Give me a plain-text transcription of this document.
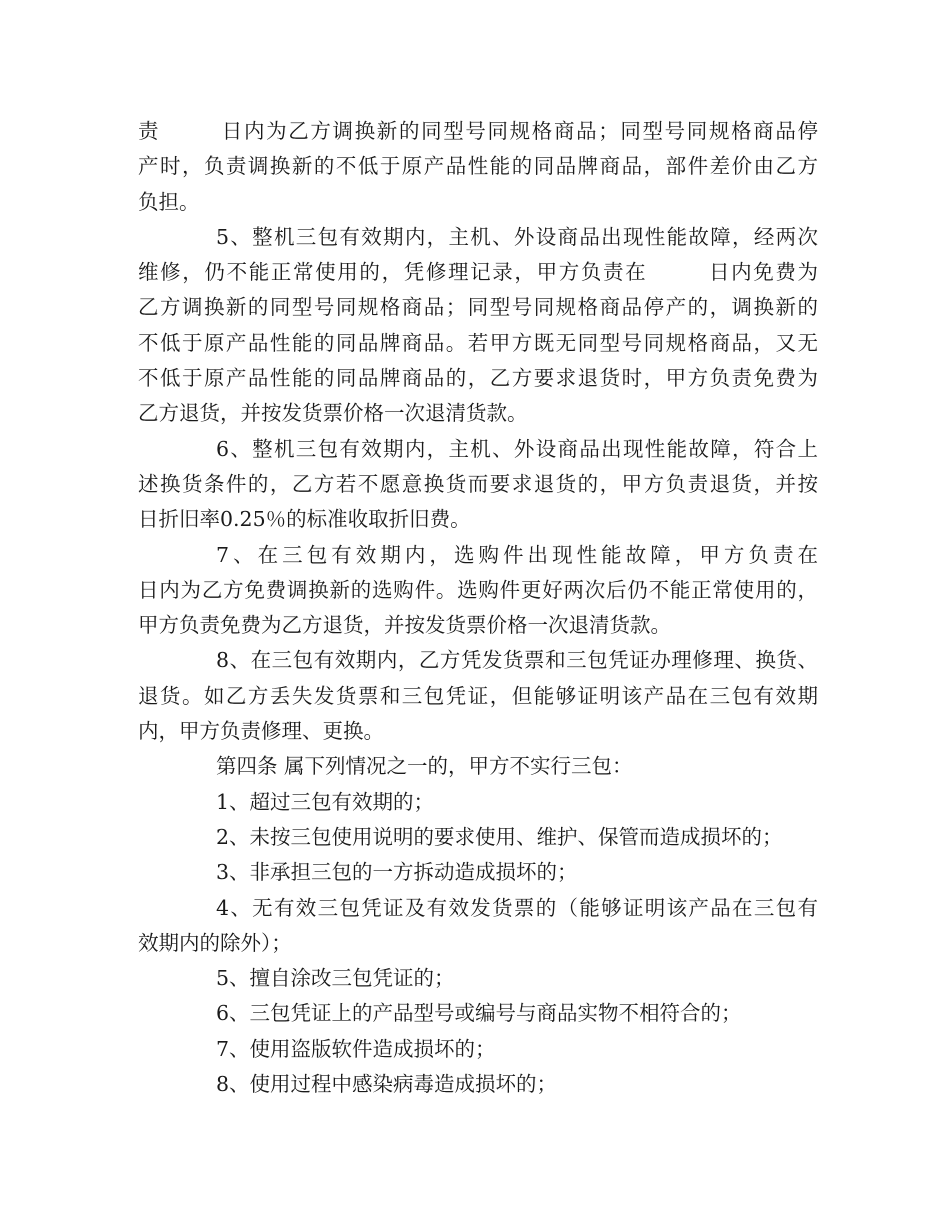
责	日内为乙方调换新的同型号同规格商品；同型号同规格商品停
产时，负责调换新的不低于原产品性能的同品牌商品，部件差价由乙方
负担。
5、整机三包有效期内，主机、外设商品出现性能故障，经两次
维修，仍不能正常使用的，凭修理记录，甲方负责在	日内免费为
乙方调换新的同型号同规格商品；同型号同规格商品停产的，调换新的
不低于原产品性能的同品牌商品。若甲方既无同型号同规格商品，又无
不低于原产品性能的同品牌商品的，乙方要求退货时，甲方负责免费为
乙方退货，并按发货票价格一次退清货款。
6、整机三包有效期内，主机、外设商品出现性能故障，符合上
述换货条件的，乙方若不愿意换货而要求退货的，甲方负责退货，并按
日折旧率0.25％的标准收取折旧费。
7、在三包有效期内，选购件出现性能故障，甲方负责在
日内为乙方免费调换新的选购件。选购件更好两次后仍不能正常使用的，
甲方负责免费为乙方退货，并按发货票价格一次退清货款。
8、在三包有效期内，乙方凭发货票和三包凭证办理修理、换货、
退货。如乙方丢失发货票和三包凭证，但能够证明该产品在三包有效期
内，甲方负责修理、更换。
第四条 属下列情况之一的，甲方不实行三包：
1、超过三包有效期的；
2、未按三包使用说明的要求使用、维护、保管而造成损坏的；
3、非承担三包的一方拆动造成损坏的；
4、无有效三包凭证及有效发货票的（能够证明该产品在三包有
效期内的除外）；
5、擅自涂改三包凭证的；
6、三包凭证上的产品型号或编号与商品实物不相符合的；
7、使用盗版软件造成损坏的；
8、使用过程中感染病毒造成损坏的；
